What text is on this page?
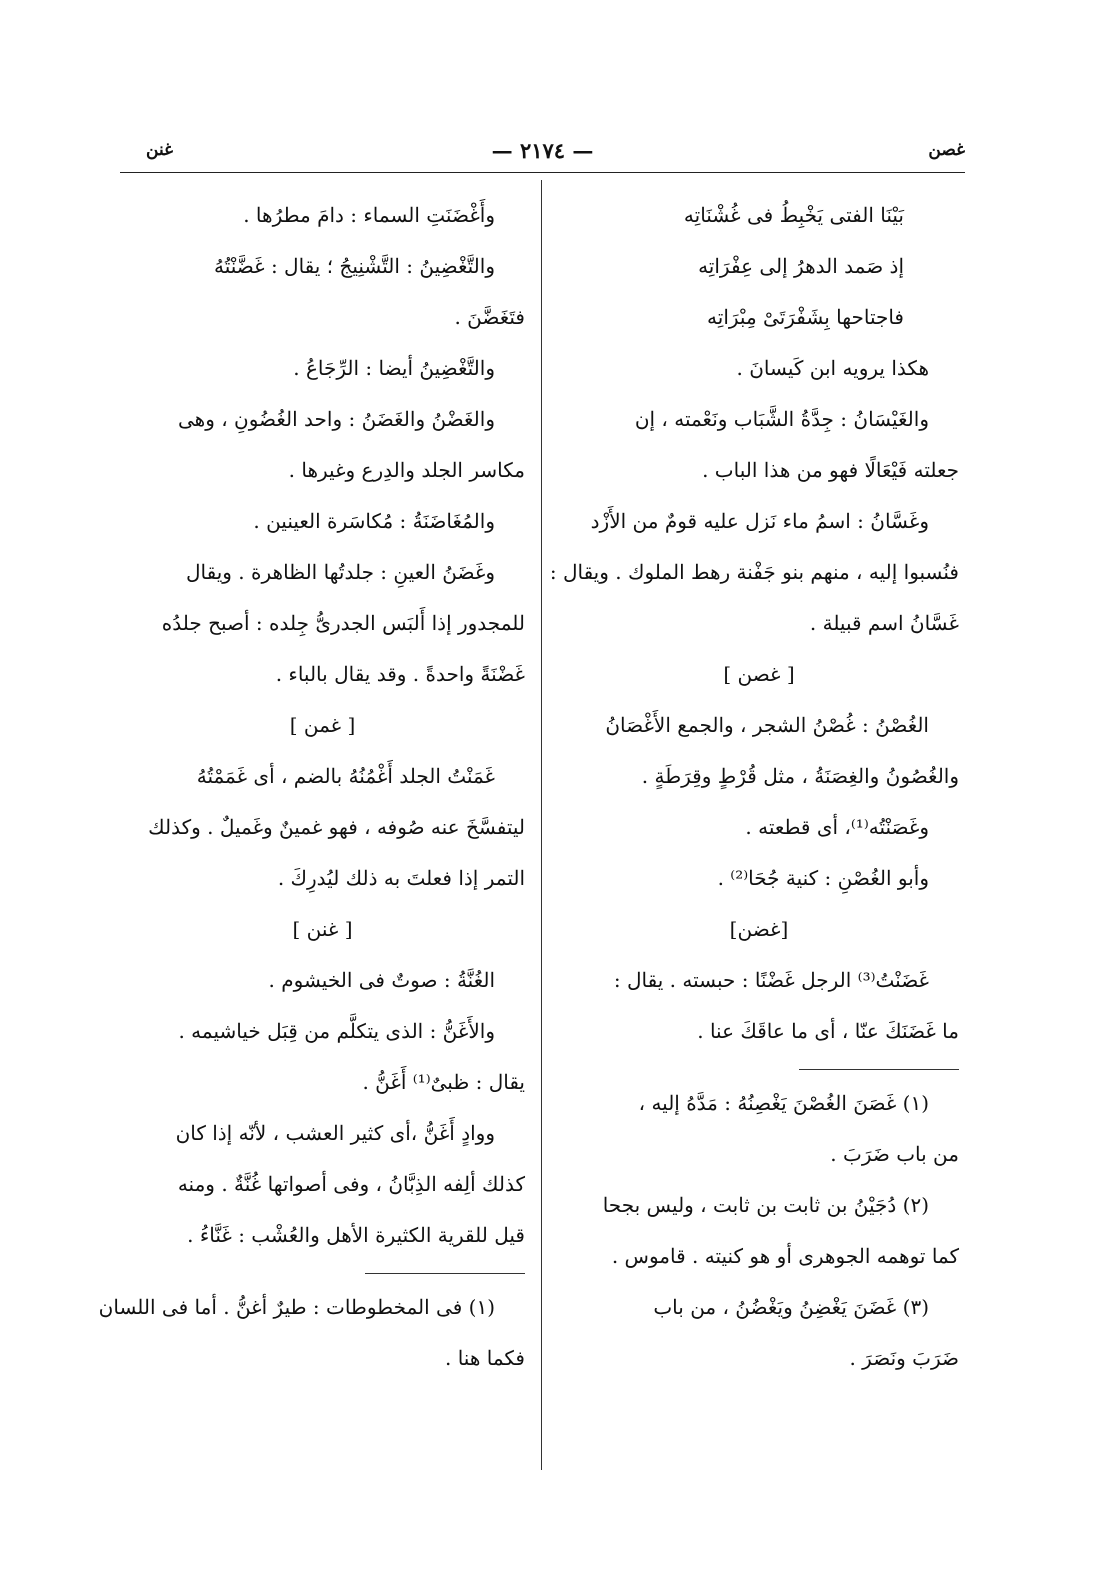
غصن
— ٢١٧٤ —
غنن
بَيْنَا الفتى يَخْبِطُ فى غُشْنَاتِه
إذ صَمد الدهرُ إلى عِفْرَاتِه
فاجتاحها بِشَفْرَتَىْ مِبْرَاتِه
هكذا يرويه ابن كَيسانَ .
والغَيْسَانُ : جِدَّةُ الشَّبَاب ونَعْمته ، إن
جعلته فَيْعَالًا فهو من هذا الباب .
وغَسَّانُ : اسمُ ماء نَزل عليه قومٌ من الأَزْد
فنُسبوا إليه ، منهم بنو جَفْنة رهط الملوك . ويقال :
غَسَّانُ اسم قبيلة .
[ غصن ]
الغُصْنُ : غُصْنُ الشجر ، والجمع الأَغْصَانُ
والغُصُونُ والغِصَنَةُ ، مثل قُرْطٍ وقِرَطَةٍ .
وغَصَنْتُه⁽¹⁾، أى قطعته .
وأبو الغُصْنِ : كنية جُحَا⁽²⁾ .
[غضن]
غَضَنْتُ⁽³⁾ الرجل غَضْنًا : حبسته . يقال :
ما غَضَنَكَ عنّا ، أى ما عاقَكَ عنا .
(١) غَصَنَ الغُصْنَ يَغْصِنُهُ : مَدَّهُ إليه ،
من باب ضَرَبَ .
(٢) دُجَيْنُ بن ثابت بن ثابت ، وليس بجحا
كما توهمه الجوهرى أو هو كنيته . قاموس .
(٣) غَضَنَ يَغْضِنُ ويَغْضُنُ ، من باب
ضَرَبَ ونَصَرَ .
وأَغْضَنَتِ السماء : دامَ مطرُها .
والتَّغْضِينُ : التَّشْنِيجُ ؛ يقال : غَضَّنْتُهُ
فتَغَضَّنَ .
والتَّغْضِينُ أيضا : الرِّجَاعُ .
والغَضْنُ والغَضَنُ : واحد الغُضُونِ ، وهى
مكاسر الجلد والدِرع وغيرها .
والمُغَاضَنَةُ : مُكاسَرة العينين .
وغَضَنُ العينِ : جلدتُها الظاهرة . ويقال
للمجدور إذا أَلبَس الجدرىُّ جِلده : أصبح جلدُه
غَضْنَةً واحدةً . وقد يقال بالباء .
[ غمن ]
غَمَنْتُ الجلد أَغْمُنُهُ بالضم ، أى غَمَمْتُهُ
ليتفسَّخَ عنه صُوفه ، فهو غمينٌ وغَميلٌ . وكذلك
التمر إذا فعلتَ به ذلك ليُدرِكَ .
[ غنن ]
الغُنَّةُ : صوتٌ فى الخيشوم .
والأَغَنُّ : الذى يتكلَّم من قِبَل خياشيمه .
يقال : ظبىٌ⁽¹⁾ أَغَنُّ .
ووادٍ أَغَنُّ ،أى كثير العشب ، لأنّه إذا كان
كذلك ألِفه الذِبَّانُ ، وفى أصواتها غُنَّةٌ . ومنه
قيل للقرية الكثيرة الأهل والعُشْب : غَنَّاءُ .
(١) فى المخطوطات : طيرٌ أغنُّ . أما فى اللسان
فكما هنا .
